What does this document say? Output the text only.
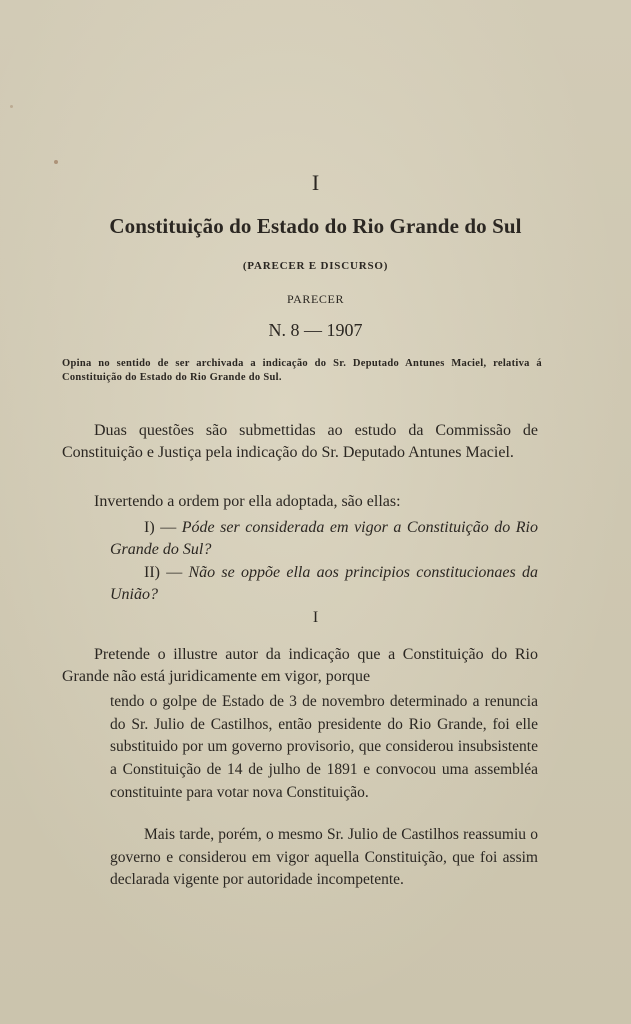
I
Constituição do Estado do Rio Grande do Sul
(PARECER E DISCURSO)
PARECER
N. 8 — 1907
Opina no sentido de ser archivada a indicação do Sr. Deputado Antunes Maciel, relativa á Constituição do Estado do Rio Grande do Sul.

Duas questões são submettidas ao estudo da Commissão de Constituição e Justiça pela indicação do Sr. Deputado Antunes Maciel.

Invertendo a ordem por ella adoptada, são ellas:

I) — Póde ser considerada em vigor a Constituição do Rio Grande do Sul?

II) — Não se oppõe ella aos principios constitucionaes da União?

I

Pretende o illustre autor da indicação que a Constituição do Rio Grande não está juridicamente em vigor, porque

tendo o golpe de Estado de 3 de novembro determinado a renuncia do Sr. Julio de Castilhos, então presidente do Rio Grande, foi elle substituido por um governo provisorio, que considerou insubsistente a Constituição de 14 de julho de 1891 e convocou uma assembléa constituinte para votar nova Constituição.

Mais tarde, porém, o mesmo Sr. Julio de Castilhos reassumiu o governo e considerou em vigor aquella Constituição, que foi assim declarada vigente por autoridade incompetente.
